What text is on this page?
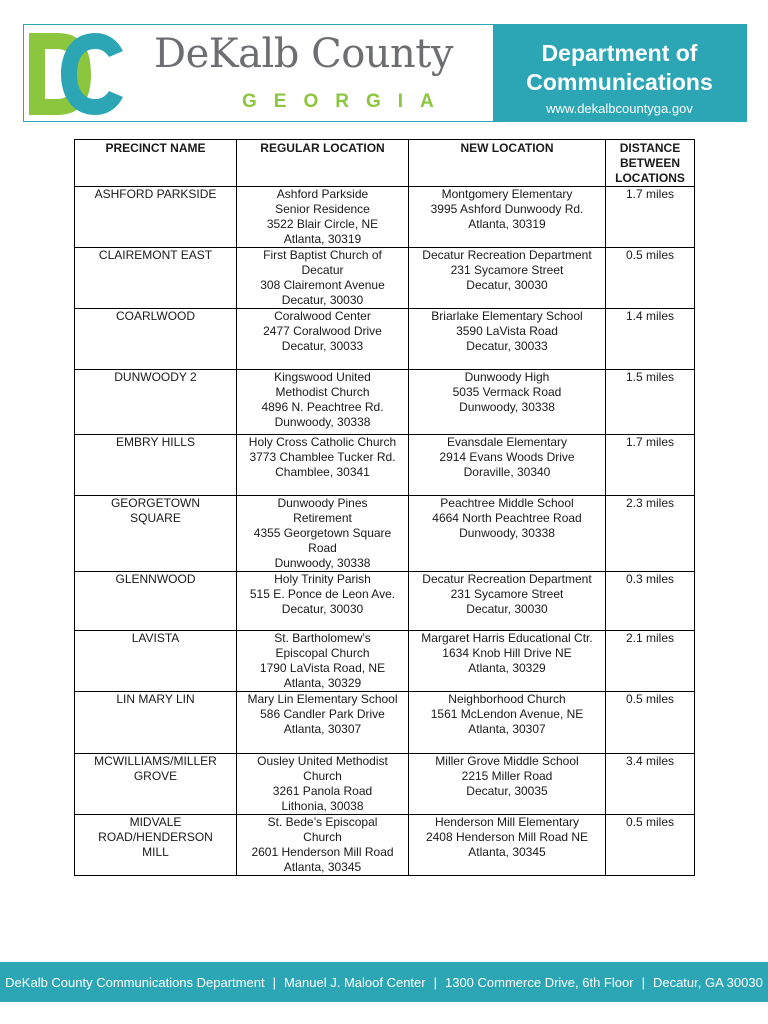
DeKalb County
GEORGIA
Department of
Communications
www.dekalbcountyga.gov
PRECINCT NAME	REGULAR LOCATION	NEW LOCATION	DISTANCE
BETWEEN
LOCATIONS

ASHFORD PARKSIDE	Ashford Parkside
Senior Residence
3522 Blair Circle, NE
Atlanta, 30319	Montgomery Elementary
3995 Ashford Dunwoody Rd.
Atlanta, 30319	1.7 miles

CLAIREMONT EAST	First Baptist Church of
Decatur
308 Clairemont Avenue
Decatur, 30030	Decatur Recreation Department
231 Sycamore Street
Decatur, 30030	0.5 miles

COARLWOOD	Coralwood Center
2477 Coralwood Drive
Decatur, 30033	Briarlake Elementary School
3590 LaVista Road
Decatur, 30033	1.4 miles

DUNWOODY 2	Kingswood United
Methodist Church
4896 N. Peachtree Rd.
Dunwoody, 30338	Dunwoody High
5035 Vermack Road
Dunwoody, 30338	1.5 miles

EMBRY HILLS	Holy Cross Catholic Church
3773 Chamblee Tucker Rd.
Chamblee, 30341	Evansdale Elementary
2914 Evans Woods Drive
Doraville, 30340	1.7 miles

GEORGETOWN
SQUARE	Dunwoody Pines
Retirement
4355 Georgetown Square
Road
Dunwoody, 30338	Peachtree Middle School
4664 North Peachtree Road
Dunwoody, 30338	2.3 miles

GLENNWOOD	Holy Trinity Parish
515 E. Ponce de Leon Ave.
Decatur, 30030	Decatur Recreation Department
231 Sycamore Street
Decatur, 30030	0.3 miles

LAVISTA	St. Bartholomew’s
Episcopal Church
1790 LaVista Road, NE
Atlanta, 30329	Margaret Harris Educational Ctr.
1634 Knob Hill Drive NE
Atlanta, 30329	2.1 miles

LIN MARY LIN	Mary Lin Elementary School
586 Candler Park Drive
Atlanta, 30307	Neighborhood Church
1561 McLendon Avenue, NE
Atlanta, 30307	0.5 miles

MCWILLIAMS/MILLER
GROVE	Ousley United Methodist
Church
3261 Panola Road
Lithonia, 30038	Miller Grove Middle School
2215 Miller Road
Decatur, 30035	3.4 miles

MIDVALE
ROAD/HENDERSON
MILL	St. Bede’s Episcopal
Church
2601 Henderson Mill Road
Atlanta, 30345	Henderson Mill Elementary
2408 Henderson Mill Road NE
Atlanta, 30345	0.5 miles
DeKalb County Communications Department | Manuel J. Maloof Center | 1300 Commerce Drive, 6th Floor | Decatur, GA 30030
